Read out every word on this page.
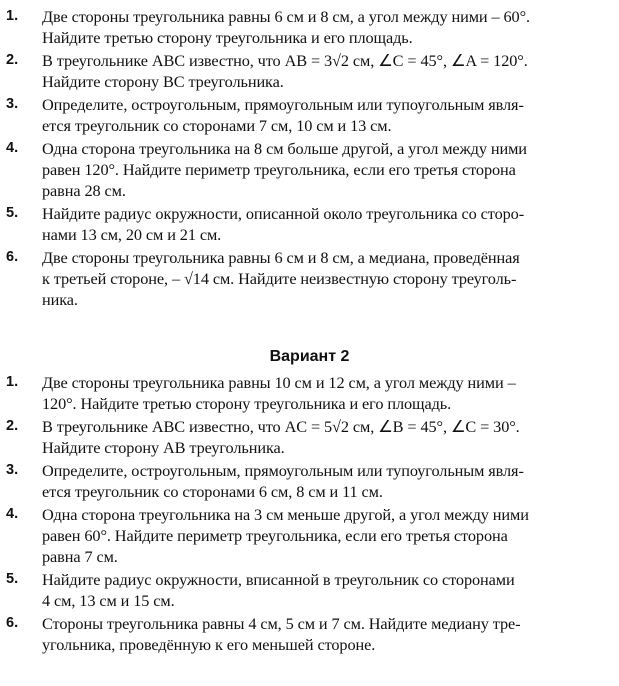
1. Две стороны треугольника равны 6 см и 8 см, а угол между ними – 60°.
Найдите третью сторону треугольника и его площадь.
2. В треугольнике ABC известно, что AB = 3√2 см, ∠C = 45°, ∠A = 120°.
Найдите сторону BC треугольника.
3. Определите, остроугольным, прямоугольным или тупоугольным явля-
ется треугольник со сторонами 7 см, 10 см и 13 см.
4. Одна сторона треугольника на 8 см больше другой, а угол между ними
равен 120°. Найдите периметр треугольника, если его третья сторона
равна 28 см.
5. Найдите радиус окружности, описанной около треугольника со сторо-
нами 13 см, 20 см и 21 см.
6. Две стороны треугольника равны 6 см и 8 см, а медиана, проведённая
к третьей стороне, – √14 см. Найдите неизвестную сторону треуголь-
ника.
Вариант 2
1. Две стороны треугольника равны 10 см и 12 см, а угол между ними –
120°. Найдите третью сторону треугольника и его площадь.
2. В треугольнике ABC известно, что AC = 5√2 см, ∠B = 45°, ∠C = 30°.
Найдите сторону AB треугольника.
3. Определите, остроугольным, прямоугольным или тупоугольным явля-
ется треугольник со сторонами 6 см, 8 см и 11 см.
4. Одна сторона треугольника на 3 см меньше другой, а угол между ними
равен 60°. Найдите периметр треугольника, если его третья сторона
равна 7 см.
5. Найдите радиус окружности, вписанной в треугольник со сторонами
4 см, 13 см и 15 см.
6. Стороны треугольника равны 4 см, 5 см и 7 см. Найдите медиану тре-
угольника, проведённую к его меньшей стороне.
